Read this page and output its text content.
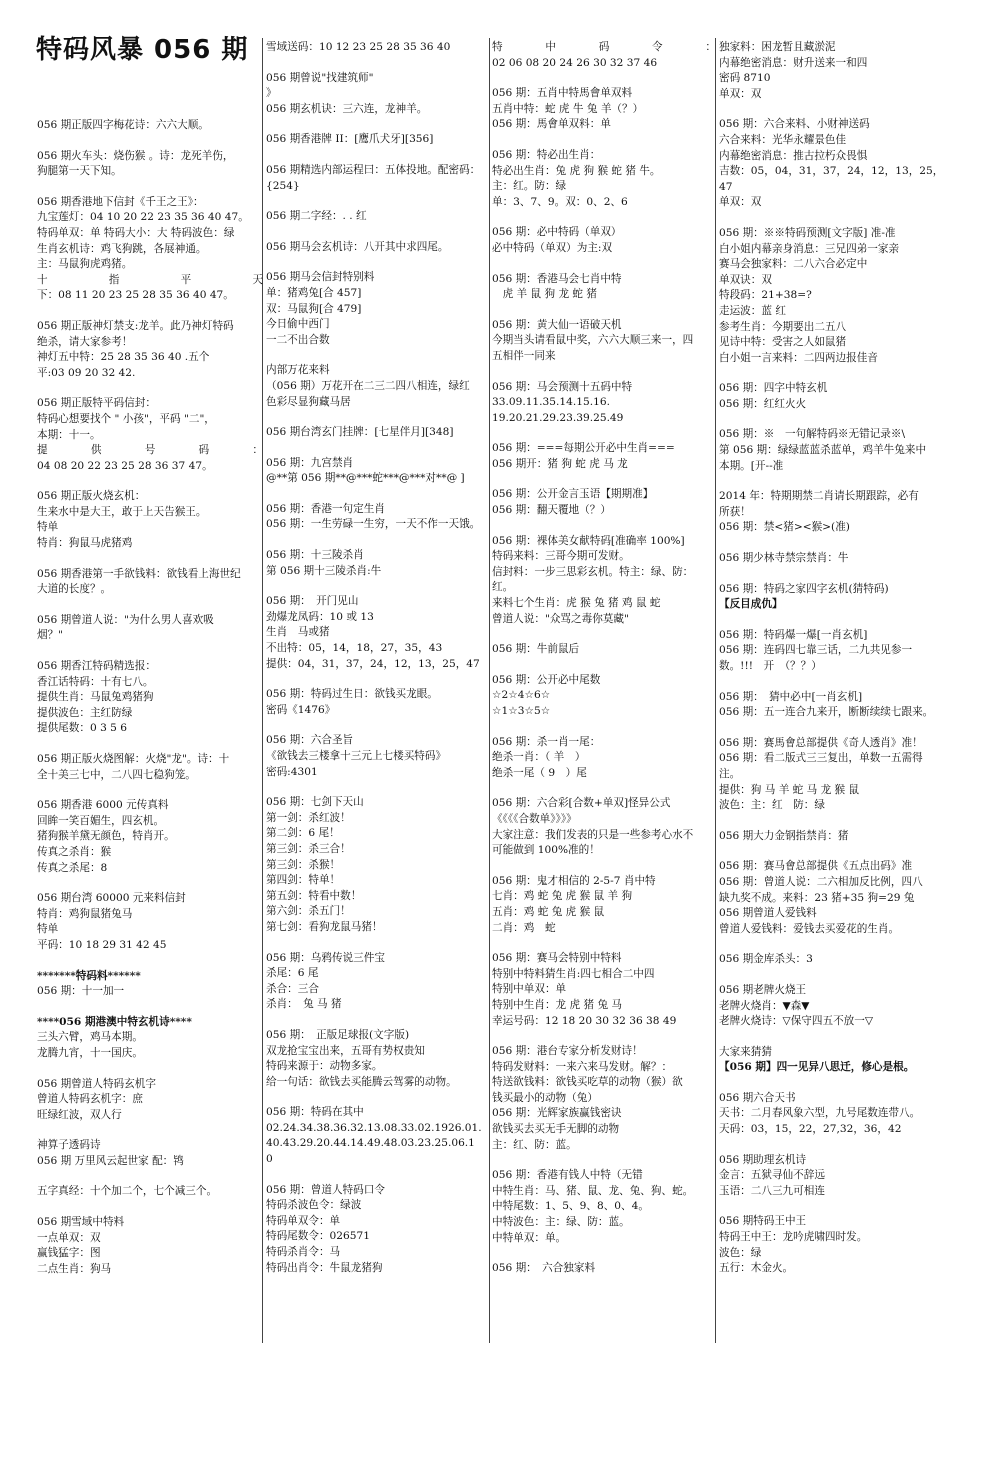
特码风暴 056 期
056 期正版四字梅花诗：六六大顺。
056 期火车头：烧伤猴 。诗：龙死羊伤，
狗腿第一天下知。
056 期香港地下信封《千王之王》：
九宝莲灯：04 10 20 22 23 35 36 40 47。
特码单双：单 特码大小：大 特码波色：绿
生肖玄机诗：鸡飞狗跳，各展神通。
主：马鼠狗虎鸡猪。
十　　指　　平　　天
下：08 11 20 23 25 28 35 36 40 47。
056 期正版神灯禁支:龙羊。此乃神灯特码
绝杀，请大家参考！
神灯五中特：25 28 35 36 40 .五个
平:03 09 20 32 42.
056 期正版特平码信封：
特码心想要找个 " 小孩"，平码 "二"，
本期：十一。
提　　供　　号　　码　　：
04 08 20 22 23 25 28 36 37 47。
056 期正版火烧玄机：
生来水中是大王，敢于上天告猴王。
特单
特肖：狗鼠马虎猪鸡
056 期香港第一手欲钱料：欲钱看上海世纪
大道的长度？。
056 期曾道人说："为什么男人喜欢吸
烟？"
056 期香江特码精选报：
香江话特码：十有七八。
提供生肖：马鼠兔鸡猪狗
提供波色：主红防绿
提供尾数：0 3 5 6
056 期正版火烧图解：火烧"龙"。诗：十
全十美三七中，二八四七稳狗笼。
056 期香港 6000 元传真料
回眸一笑百媚生，四玄机。
猪狗猴羊黛无颜色，特肖开。
传真之杀肖：猴
传真之杀尾：8
056 期台湾 60000 元来料信封
特肖：鸡狗鼠猪兔马
特单
平码：10 18 29 31 42 45
*******特码料******
056 期：十一加一
****056 期港澳中特玄机诗****
三头六臂，鸡马本期。
龙腾九宵，十一国庆。
056 期曾道人特码玄机字
曾道人特码玄机字：庶
旺绿红波，双人行
神算子透码诗
056 期 万里风云起世家 配：鸨
五字真经：十个加二个，七个减三个。
056 期雪域中特料
一点单双：双
赢钱猛字：图
二点生肖：狗马
雪域送码：10 12 23 25 28 35 36 40
056 期曾说"找建筑师"
》
056 期玄机诀：三六连，龙神羊。
056 期香港牌 II：[鹰爪犬牙][356]
056 期精选内部运程曰：五体投地。配密码：
{254}
056 期二字经：. . 红
056 期马会玄机诗：八开其中求四尾。
056 期马会信封特别料
单：猪鸡兔[合 457]
双：马鼠狗[合 479]
今日偷中西门
一二不出合数
内部万花来料
（056 期）万花开在二三二四八相连，绿红
色彩尽显狗藏马居
056 期台湾玄门挂牌：[七星伴月][348]
056 期：九宫禁肖
@**第 056 期**@***蛇***@***对**@ ]
056 期：香港一句定生肖
056 期：一生劳碌一生穷，一天不作一天饿。
056 期：十三陵杀肖
第 056 期十三陵杀肖:牛
056 期：　开门见山
劲爆龙凤码：10 或 13
生肖　马或猪
不出特：05，14，18，27，35，43
提供：04，31，37，24，12，13，25，47
056 期：特码过生日：欲钱买龙眼。
密码《1476》
056 期：六合圣旨
《欲钱去三楼拿十三元上七楼买特码》
密码:4301
056 期：七剑下天山
第一剑：杀红波！
第二剑：6 尾！
第三剑：杀三合！
第三剑：杀猴！
第四剑：特单！
第五剑：特看中数！
第六剑：杀五门！
第七剑：看狗龙鼠马猪！
056 期：乌鸦传说三件宝
杀尾：6 尾
杀合：三合
杀肖：　兔 马 猪
056 期：　正版足球报(文字版)
双龙抢宝宝出来，五哥有势权贵知
特码来源于：动物多家。
给一句话：欲钱去买能腾云驾雾的动物。
056 期：特码在其中
02.24.34.38.36.32.13.08.33.02.1926.01.
40.43.29.20.44.14.49.48.03.23.25.06.1
0
056 期：曾道人特码口令
特码杀波色令：绿波
特码单双令：单
特码尾数令：026571
特码杀肖令：马
特码出肖令：牛鼠龙猪狗
特　　中　　码　　令　　：
02 06 08 20 24 26 30 32 37 46
056 期：五肖中特馬會单双料
五肖中特：蛇 虎 牛 兔 羊（？）
056 期：馬會单双料：单
056 期：特必出生肖：
特必出生肖：兔 虎 狗 猴 蛇 猪 牛。
主：红。防：绿
单：3、7、9。双：0、2、6
056 期：必中特码（单双）
必中特码（单双）为主:双
056 期：香港马会七肖中特
　虎 羊 鼠 狗 龙 蛇 猪
056 期：黄大仙一语破天机
今期当头请看鼠中奖，六六大顺三来一，四
五相伴一同来
056 期：马会预测十五码中特
33.09.11.35.14.15.16.
19.20.21.29.23.39.25.49
056 期：===每期公开必中生肖===
056 期开：猪 狗 蛇 虎 马 龙
056 期：公开金言玉语【期期准】
056 期：翻天覆地（？）
056 期：裸体美女献特码[准确率 100%]
特码来料：三哥今期可发财。
信封料：一步三思彩玄机。特主：绿、防：
红。
来料七个生肖：虎 猴 兔 猪 鸡 鼠 蛇
曾道人说："众骂之毒你莫藏"
056 期：牛前鼠后
056 期：公开必中尾数
☆2☆4☆6☆
☆1☆3☆5☆
056 期：杀一肖一尾：
绝杀一肖：（ 羊　）
绝杀一尾（ 9　）尾
056 期：六合彩[合数+单双]怪异公式
《《《《合数单》》》》
大家注意：我们发表的只是一些参考心水不
可能做到 100%准的！
056 期：鬼才相信的 2-5-7 肖中特
七肖：鸡 蛇 兔 虎 猴 鼠 羊 狗
五肖：鸡 蛇 兔 虎 猴 鼠
二肖：鸡　蛇
056 期：赛马会特别中特料
特别中特料猜生肖:四七相合二中四
特别中单双：单
特别中生肖：龙 虎 猪 兔 马
幸运号码：12 18 20 30 32 36 38 49
056 期：港台专家分析发财诗！
特码发财料：一来六来马发财。解？：
特送欲钱料：欲钱买吃草的动物（猴）欲
钱买最小的动物（兔）
056 期：光辉家族赢钱密诀
欲钱买去买无手无脚的动物
主：红、防：蓝。
056 期：香港有钱人中特（无错
中特生肖：马、猪、鼠、龙、兔、狗、蛇。
中特尾数：1、5、9、8、0、4。
中特波色：主：绿、防：蓝。
中特单双：单。
056 期：　六合独家料
独家料：困龙暂且藏淤泥
内幕绝密消息：财升送来一和四
密码 8710
单双：双
056 期：六合来料、小财神送码
六合来料：光华永耀景色佳
内幕绝密消息：推古拉朽众畏惧
吉数：05，04，31，37，24，12，13，25，
47
单双：双
056 期：※※特码预测[文字版] 准-准
白小姐内幕亲身消息：三兄四弟一家亲
赛马会独家料：二八六合必定中
单双诀：双
特段码：21+38=?
走运波：蓝 红
参考生肖：今期要出二五八
见诗中特：受害之人如鼠猪
白小姐一言来料：二四两边报佳音
056 期：四字中特玄机
056 期：红红火火
056 期：※　一句解特码※无错记录※\
第 056 期：绿绿蓝蓝杀蓝单，鸡羊牛兔来中
本期。[开--准
2014 年：特期期禁二肖请长期跟踪，必有
所获！
056 期：禁<猪><猴>(准)
056 期少林寺禁宗禁肖：牛
056 期：特码之家四字玄机(猜特码)
【反目成仇】
056 期：特码爆一爆[一肖玄机]
056 期：连码四七靠三话，二九共见参一
数。!!!　开　（？？）
056 期：　猜中必中[一肖玄机]
056 期：五一连合九来开，断断续续七跟来。
056 期：赛馬會总部提供《奇人透肖》准！
056 期：看二版式三三复出，单数一五需得
注。
提供：狗 马 羊 蛇 马 龙 猴 鼠
波色：主：红　防：绿
056 期大力金钢指禁肖：猪
056 期：赛马會总部提供《五点出码》准
056 期：曾道人说：二六相加反比例，四八
缺九奖不成。来料：23 猪+35 狗=29 兔
056 期曾道人爱钱料
曾道人爱钱料：爱钱去买爱花的生肖。
056 期金库杀头：3
056 期老牌火烧王
老牌火烧肖：▼森▼
老牌火烧诗：▽保守四五不放一▽
大家来猜猜
【056 期】四一见异八思迁，修心是根。
056 期六合天书
天书：二月春风象六型，九号尾数连带八。
天码：03，15，22，27,32，36，42
056 期助理玄机诗
金言：五狱寻仙不辞远
玉语：二八三九可相连
056 期特码王中王
特码王中王：龙吟虎啸四时发。
波色：绿
五行：木金火。
